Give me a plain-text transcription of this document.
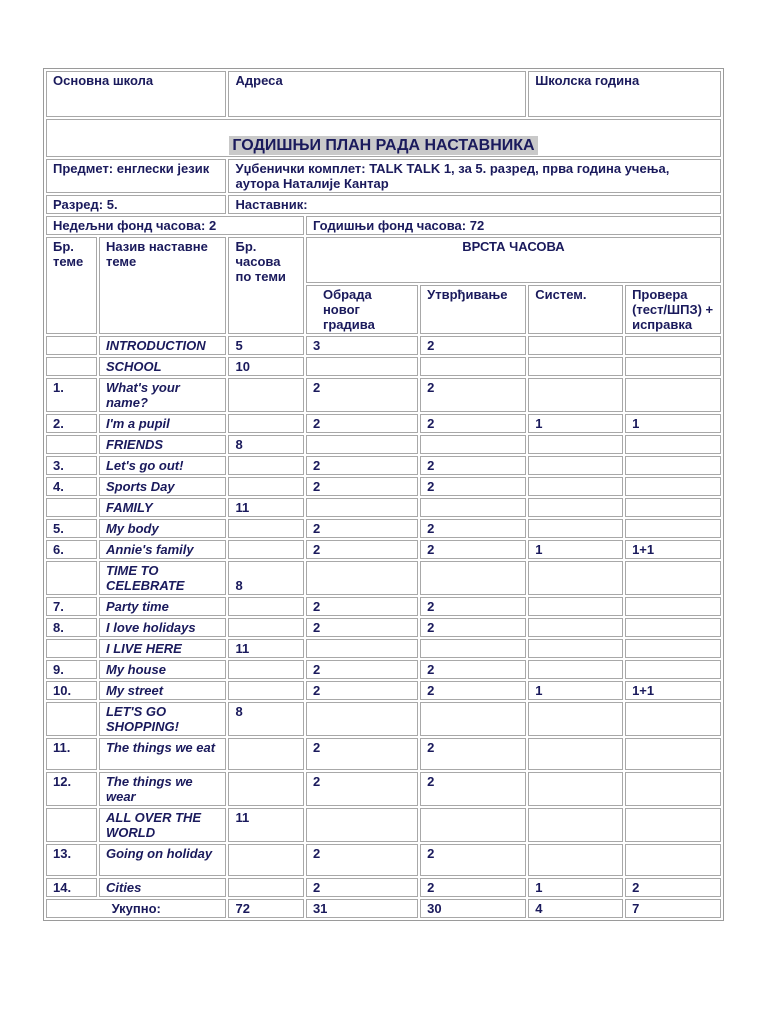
Основна школа		Адреса			Школска година	
ГОДИШЊИ ПЛАН РАДА НАСТАВНИКА						
Предмет: енглески језик		Уџбенички комплет: TALK TALK 1, за 5. разред, прва година учења, аутора Наталије Кантар				
Разред: 5.		Наставник:				
Недељни фонд часова: 2			Годишњи фонд часова: 72			
Бр. теме	Назив наставне теме	Бр. часова по теми	ВРСТА ЧАСОВА			
			Обрада новог градива	Утврђивање	Систем.	Провера (тест/ШПЗ) + исправка
	INTRODUCTION	5	3	2		
	SCHOOL	10				
1.	What's your name?		2	2		
2.	I'm a pupil		2	2	1	1
	FRIENDS	8				
3.	Let's go out!		2	2		
4.	Sports Day		2	2		
	FAMILY	11				
5.	My body		2	2		
6.	Annie's family		2	2	1	1+1
	TIME TO CELEBRATE	8				
7.	Party time		2	2		
8.	I love holidays		2	2		
	I LIVE HERE	11				
9.	My house		2	2		
10.	My street		2	2	1	1+1
	LET'S GO SHOPPING!	8				
11.	The things we eat		2	2		
12.	The things we wear		2	2		
	ALL OVER THE WORLD	11				
13.	Going on holiday		2	2		
14.	Cities		2	2	1	2
Укупно:		72	31	30	4	7
